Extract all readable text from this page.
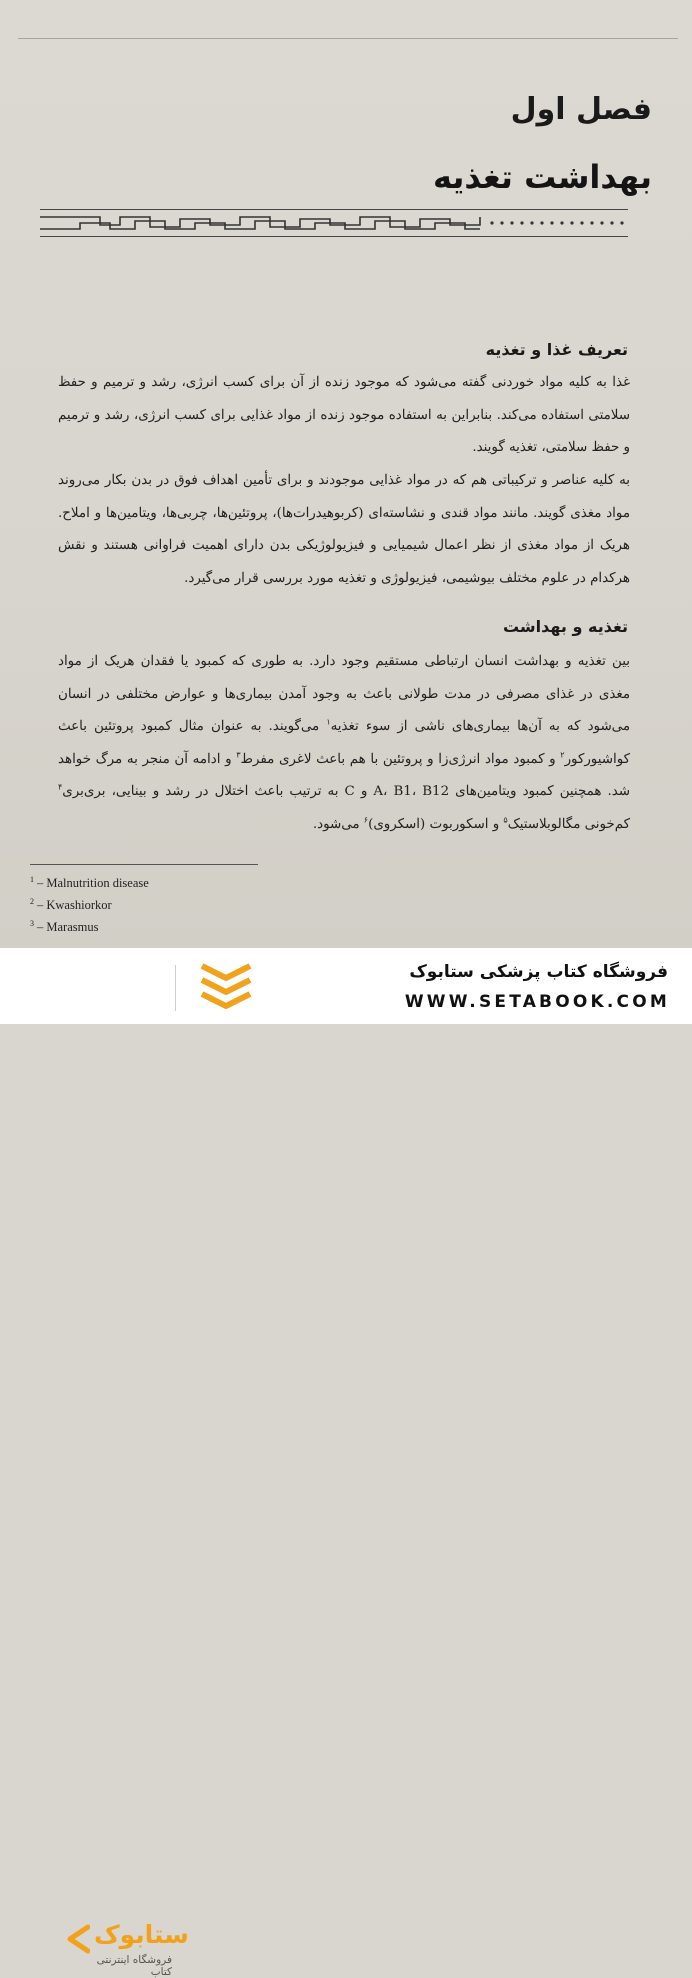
فصل اول
بهداشت تغذیه
تعریف غذا و تغذیه

غذا به کلیه مواد خوردنی گفته می‌شود که موجود زنده از آن برای کسب انرژی، رشد و ترمیم و حفظ سلامتی استفاده می‌کند. بنابراین به استفاده موجود زنده از مواد غذایی برای کسب انرژی، رشد و ترمیم و حفظ سلامتی، تغذیه گویند.

به کلیه عناصر و ترکیباتی هم که در مواد غذایی موجودند و برای تأمین اهداف فوق در بدن بکار می‌روند مواد مغذی گویند. مانند مواد قندی و نشاسته‌ای (کربوهیدرات‌ها)، پروتئین‌ها، چربی‌ها، ویتامین‌ها و املاح. هریک از مواد مغذی از نظر اعمال شیمیایی و فیزیولوژیکی بدن دارای اهمیت فراوانی هستند و نقش هرکدام در علوم مختلف بیوشیمی، فیزیولوژی و تغذیه مورد بررسی قرار می‌گیرد.

تغذیه و بهداشت

بین تغذیه و بهداشت انسان ارتباطی مستقیم وجود دارد. به طوری که کمبود یا فقدان هریک از مواد مغذی در غذای مصرفی در مدت طولانی باعث به وجود آمدن بیماری‌ها و عوارض مختلفی در انسان می‌شود که به آن‌ها بیماری‌های ناشی از سوء تغذیه$^۱$ می‌گویند. به عنوان مثال کمبود پروتئین باعث کواشیورکور$^۲$ و کمبود مواد انرژی‌زا و پروتئین با هم باعث لاغری مفرط$^۳$ و ادامه آن منجر به مرگ خواهد شد. همچنین کمبود ویتامین‌های A، B1، B12 و C به ترتیب باعث اختلال در رشد و بینایی، بری‌بری$^۴$ کم‌خونی مگالوبلاستیک$^۵$ و اسکوربوت (اسکروی)$^۶$ می‌شود.

$^1$ – Malnutrition disease
$^2$ – Kwashiorkor
$^3$ – Marasmus

ستابوک

فروشگاه اینترنتی کتاب

فروشگاه کتاب پزشکی ستابوک

WWW.SETABOOK.COM
